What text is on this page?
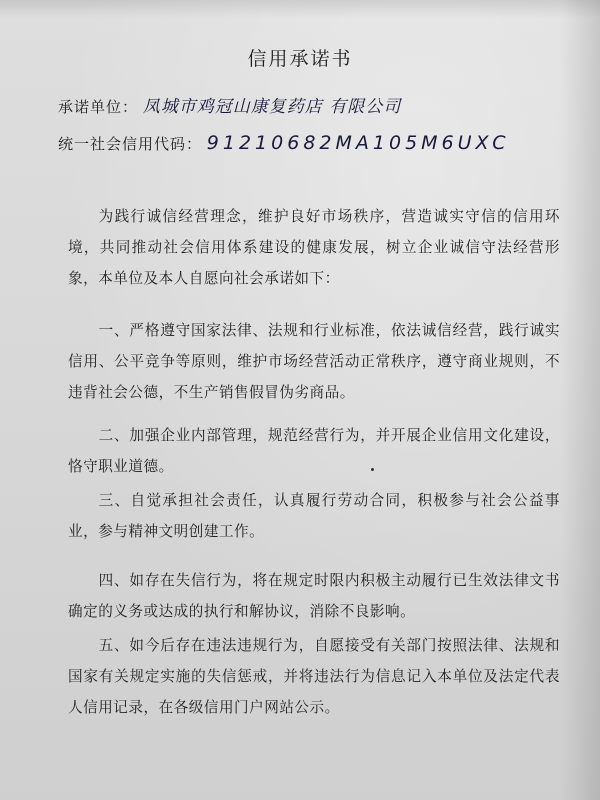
信用承诺书
承诺单位： 凤城市鸡冠山康复药店 有限公司
统一社会信用代码： 91210682MA105M6UXC

为践行诚信经营理念，维护良好市场秩序，营造诚实守信的信用环境，共同推动社会信用体系建设的健康发展，树立企业诚信守法经营形象，本单位及本人自愿向社会承诺如下：

一、严格遵守国家法律、法规和行业标准，依法诚信经营，践行诚实信用、公平竞争等原则，维护市场经营活动正常秩序，遵守商业规则，不违背社会公德，不生产销售假冒伪劣商品。

二、加强企业内部管理，规范经营行为，并开展企业信用文化建设，恪守职业道德。

三、自觉承担社会责任，认真履行劳动合同，积极参与社会公益事业，参与精神文明创建工作。

四、如存在失信行为，将在规定时限内积极主动履行已生效法律文书确定的义务或达成的执行和解协议，消除不良影响。

五、如今后存在违法违规行为，自愿接受有关部门按照法律、法规和国家有关规定实施的失信惩戒，并将违法行为信息记入本单位及法定代表人信用记录，在各级信用门户网站公示。
